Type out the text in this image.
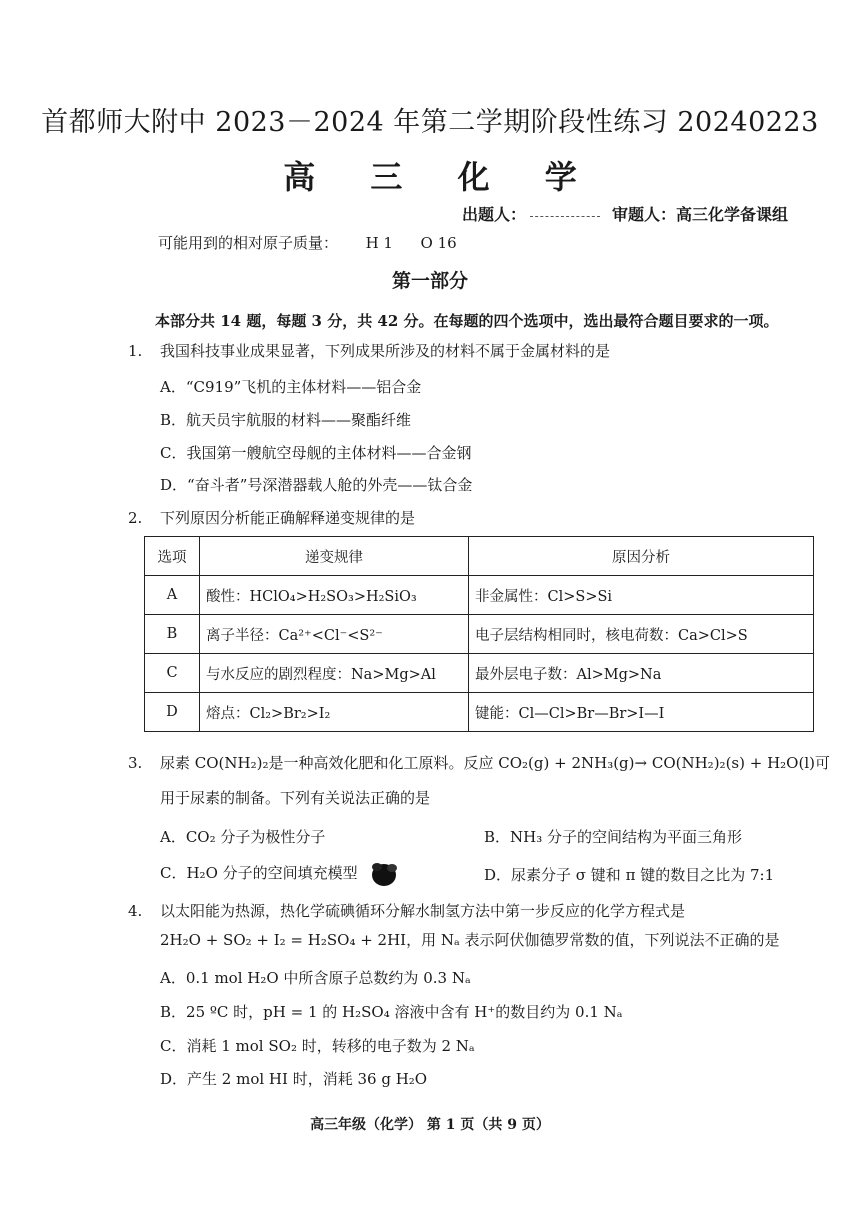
首都师大附中 2023－2024 年第二学期阶段性练习 20240223
高 三 化 学
出题人：	审题人：高三化学备课组
可能用到的相对原子质量： H 1 O 16
第一部分
本部分共 14 题，每题 3 分，共 42 分。在每题的四个选项中，选出最符合题目要求的一项。
1. 我国科技事业成果显著，下列成果所涉及的材料不属于金属材料的是
A．“C919”飞机的主体材料——铝合金
B．航天员宇航服的材料——聚酯纤维
C．我国第一艘航空母舰的主体材料——合金钢
D．“奋斗者”号深潜器载人舱的外壳——钛合金
2. 下列原因分析能正确解释递变规律的是
选项	递变规律	原因分析
A	酸性：HClO₄>H₂SO₃>H₂SiO₃	非金属性：Cl>S>Si
B	离子半径：Ca²⁺<Cl⁻<S²⁻	电子层结构相同时，核电荷数：Ca>Cl>S
C	与水反应的剧烈程度：Na>Mg>Al	最外层电子数：Al>Mg>Na
D	熔点：Cl₂>Br₂>I₂	键能：Cl—Cl>Br—Br>I—I
3. 尿素 CO(NH₂)₂是一种高效化肥和化工原料。反应 CO₂(g) + 2NH₃(g)→ CO(NH₂)₂(s) + H₂O(l)可
用于尿素的制备。下列有关说法正确的是
A．CO₂ 分子为极性分子	B．NH₃ 分子的空间结构为平面三角形
C．H₂O 分子的空间填充模型	D．尿素分子 σ 键和 π 键的数目之比为 7:1
4. 以太阳能为热源，热化学硫碘循环分解水制氢方法中第一步反应的化学方程式是
2H₂O + SO₂ + I₂ = H₂SO₄ + 2HI，用 Nₐ 表示阿伏伽德罗常数的值，下列说法不正确的是
A．0.1 mol H₂O 中所含原子总数约为 0.3 Nₐ
B．25 ºC 时，pH = 1 的 H₂SO₄ 溶液中含有 H⁺的数目约为 0.1 Nₐ
C．消耗 1 mol SO₂ 时，转移的电子数为 2 Nₐ
D．产生 2 mol HI 时，消耗 36 g H₂O
高三年级（化学） 第 1 页（共 9 页）
